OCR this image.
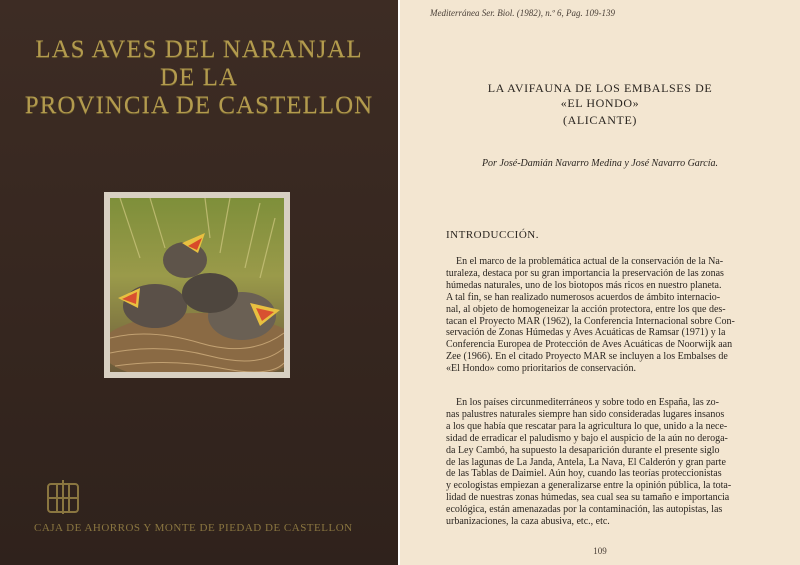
LAS AVES DEL NARANJAL
DE LA
PROVINCIA DE CASTELLON
CAJA DE AHORROS Y MONTE DE PIEDAD DE CASTELLON
Mediterránea Ser. Biol. (1982), n.º 6, Pag. 109-139
LA AVIFAUNA DE LOS EMBALSES DE
«EL HONDO»
(ALICANTE)
Por José-Damián Navarro Medina y José Navarro García.
INTRODUCCIÓN.
En el marco de la problemática actual de la conservación de la Na-
turaleza, destaca por su gran importancia la preservación de las zonas
húmedas naturales, uno de los biotopos más ricos en nuestro planeta.
A tal fin, se han realizado numerosos acuerdos de ámbito internacio-
nal, al objeto de homogeneizar la acción protectora, entre los que des-
tacan el Proyecto MAR (1962), la Conferencia Internacional sobre Con-
servación de Zonas Húmedas y Aves Acuáticas de Ramsar (1971) y la
Conferencia Europea de Protección de Aves Acuáticas de Noorwijk aan
Zee (1966). En el citado Proyecto MAR se incluyen a los Embalses de
«El Hondo» como prioritarios de conservación.
En los países circunmediterráneos y sobre todo en España, las zo-
nas palustres naturales siempre han sido consideradas lugares insanos
a los que había que rescatar para la agricultura lo que, unido a la nece-
sidad de erradicar el paludismo y bajo el auspicio de la aún no deroga-
da Ley Cambó, ha supuesto la desaparición durante el presente siglo
de las lagunas de La Janda, Antela, La Nava, El Calderón y gran parte
de las Tablas de Daimiel. Aún hoy, cuando las teorías proteccionistas
y ecologistas empiezan a generalizarse entre la opinión pública, la tota-
lidad de nuestras zonas húmedas, sea cual sea su tamaño e importancia
ecológica, están amenazadas por la contaminación, las autopistas, las
urbanizaciones, la caza abusiva, etc., etc.
109
